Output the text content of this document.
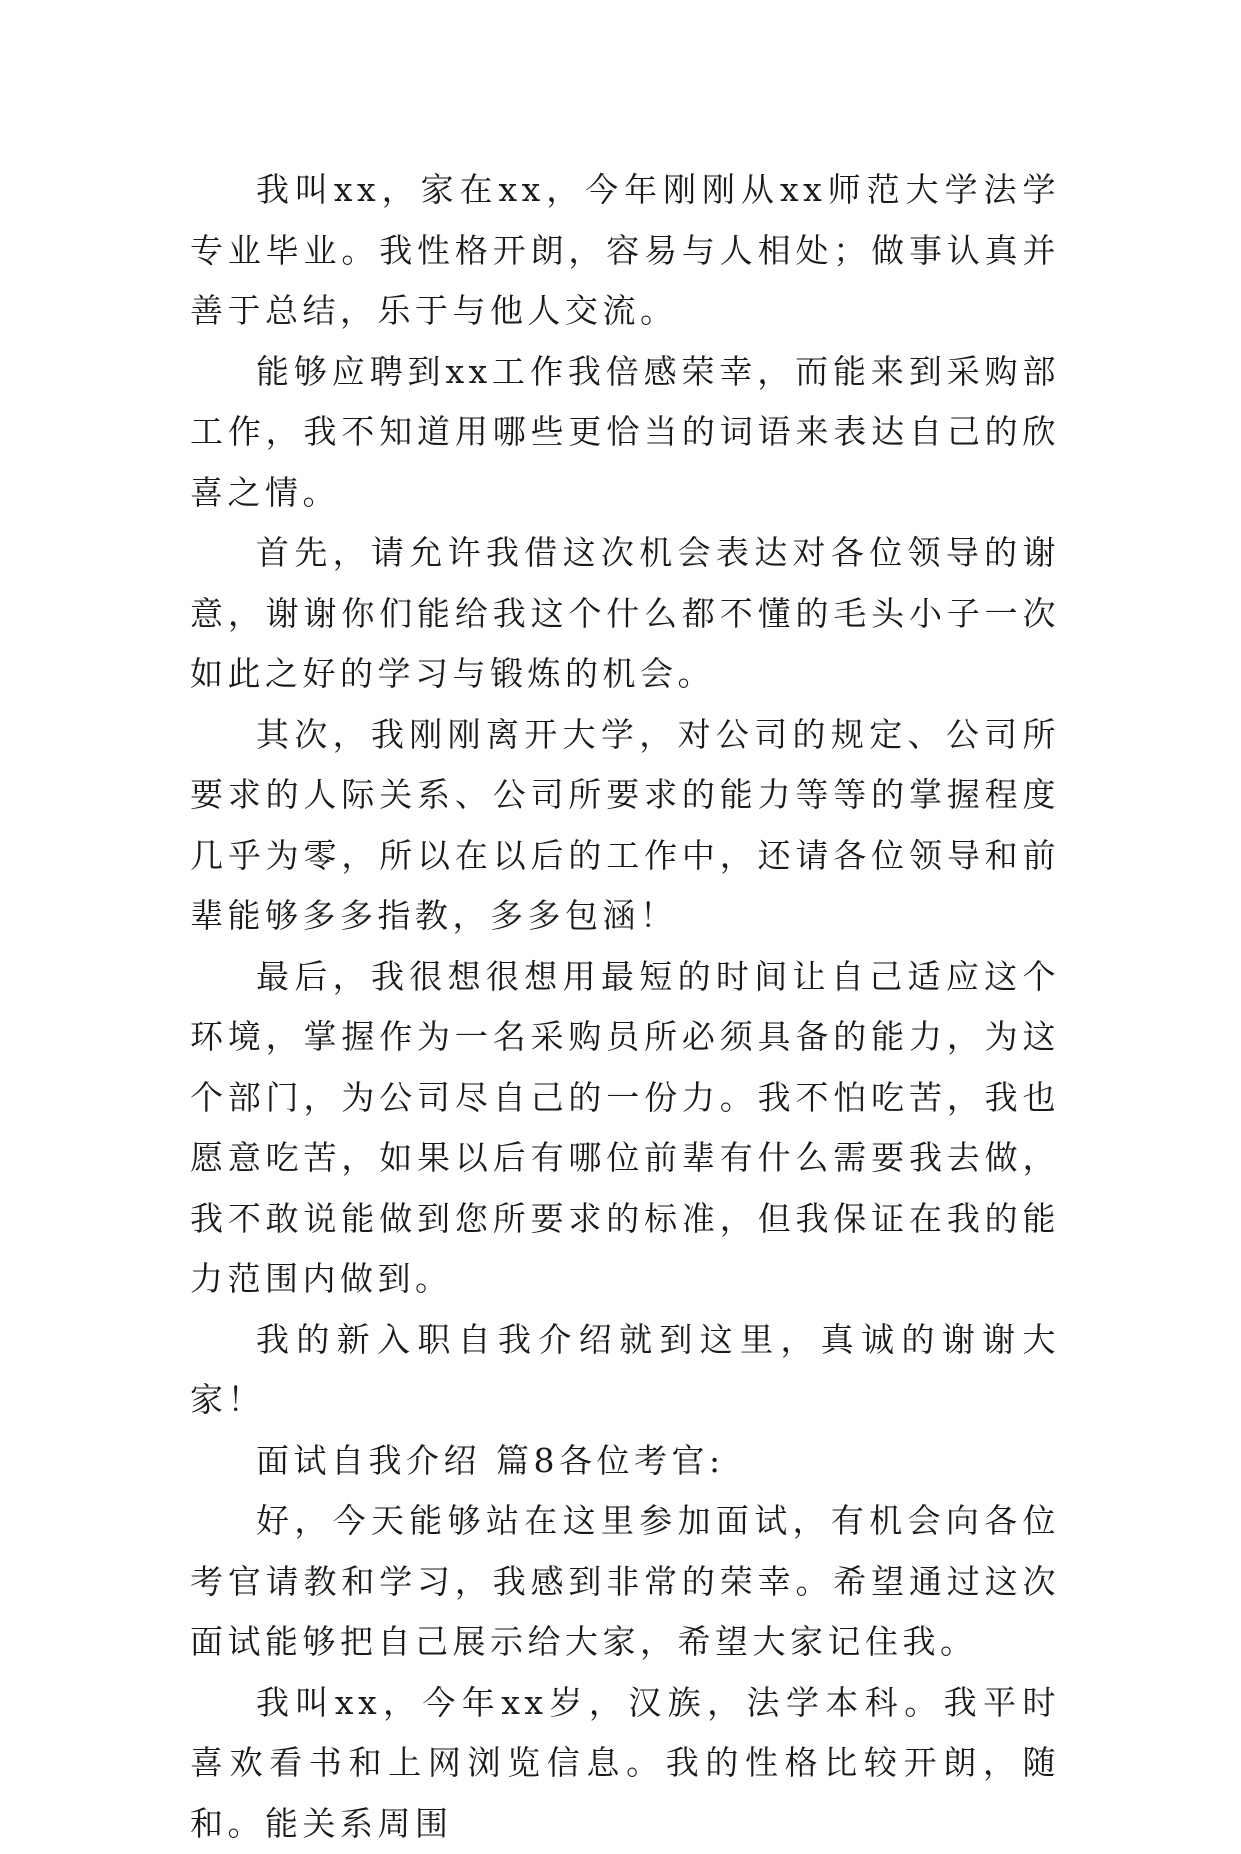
我叫xx，家在xx，今年刚刚从xx师范大学法学专业毕业。我性格开朗，容易与人相处；做事认真并善于总结，乐于与他人交流。

能够应聘到xx工作我倍感荣幸，而能来到采购部工作，我不知道用哪些更恰当的词语来表达自己的欣喜之情。

首先，请允许我借这次机会表达对各位领导的谢意，谢谢你们能给我这个什么都不懂的毛头小子一次如此之好的学习与锻炼的机会。

其次，我刚刚离开大学，对公司的规定、公司所要求的人际关系、公司所要求的能力等等的掌握程度几乎为零，所以在以后的工作中，还请各位领导和前辈能够多多指教，多多包涵！

最后，我很想很想用最短的时间让自己适应这个环境，掌握作为一名采购员所必须具备的能力，为这个部门，为公司尽自己的一份力。我不怕吃苦，我也愿意吃苦，如果以后有哪位前辈有什么需要我去做，我不敢说能做到您所要求的标准，但我保证在我的能力范围内做到。

我的新入职自我介绍就到这里，真诚的谢谢大家！

面试自我介绍 篇8各位考官:

好，今天能够站在这里参加面试，有机会向各位考官请教和学习，我感到非常的荣幸。希望通过这次面试能够把自己展示给大家，希望大家记住我。

我叫xx，今年xx岁，汉族，法学本科。我平时喜欢看书和上网浏览信息。我的性格比较开朗，随和。能关系周围
